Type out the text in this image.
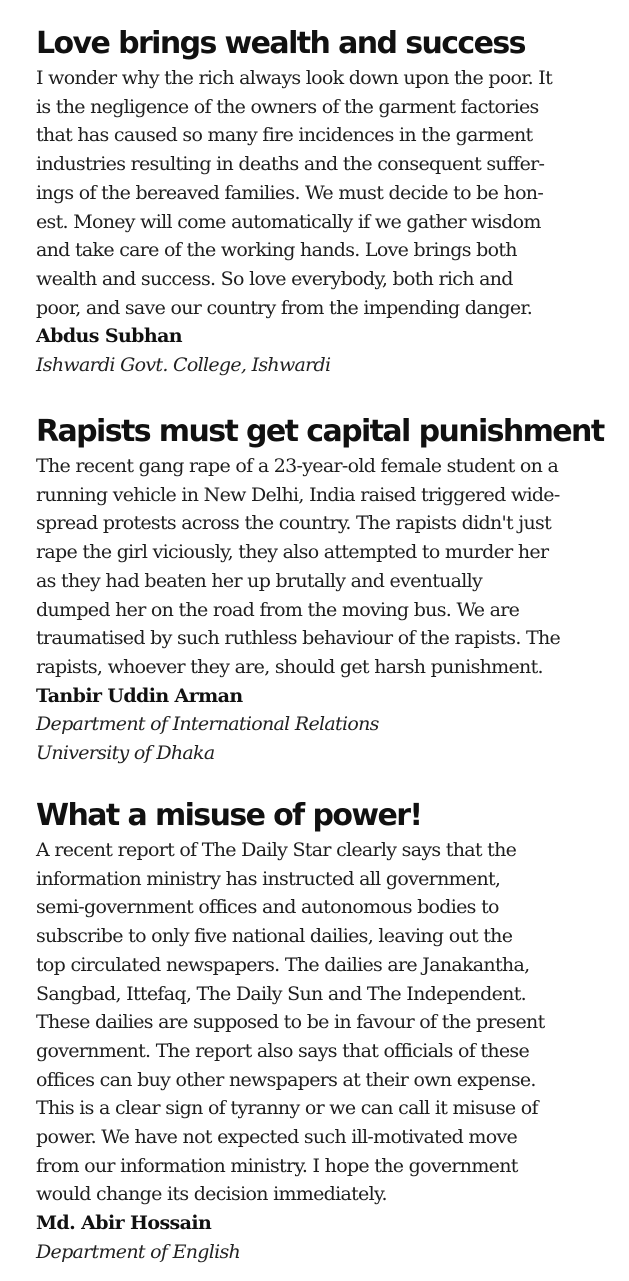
Love brings wealth and success
I wonder why the rich always look down upon the poor. It
is the negligence of the owners of the garment factories
that has caused so many fire incidences in the garment
industries resulting in deaths and the consequent suffer-
ings of the bereaved families. We must decide to be hon-
est. Money will come automatically if we gather wisdom
and take care of the working hands. Love brings both
wealth and success. So love everybody, both rich and
poor, and save our country from the impending danger.
Abdus Subhan
Ishwardi Govt. College, Ishwardi
Rapists must get capital punishment
The recent gang rape of a 23-year-old female student on a
running vehicle in New Delhi, India raised triggered wide-
spread protests across the country. The rapists didn't just
rape the girl viciously, they also attempted to murder her
as they had beaten her up brutally and eventually
dumped her on the road from the moving bus. We are
traumatised by such ruthless behaviour of the rapists. The
rapists, whoever they are, should get harsh punishment.
Tanbir Uddin Arman
Department of International Relations
University of Dhaka
What a misuse of power!
A recent report of The Daily Star clearly says that the
information ministry has instructed all government,
semi-government offices and autonomous bodies to
subscribe to only five national dailies, leaving out the
top circulated newspapers. The dailies are Janakantha,
Sangbad, Ittefaq, The Daily Sun and The Independent.
These dailies are supposed to be in favour of the present
government. The report also says that officials of these
offices can buy other newspapers at their own expense.
This is a clear sign of tyranny or we can call it misuse of
power. We have not expected such ill-motivated move
from our information ministry. I hope the government
would change its decision immediately.
Md. Abir Hossain
Department of English
